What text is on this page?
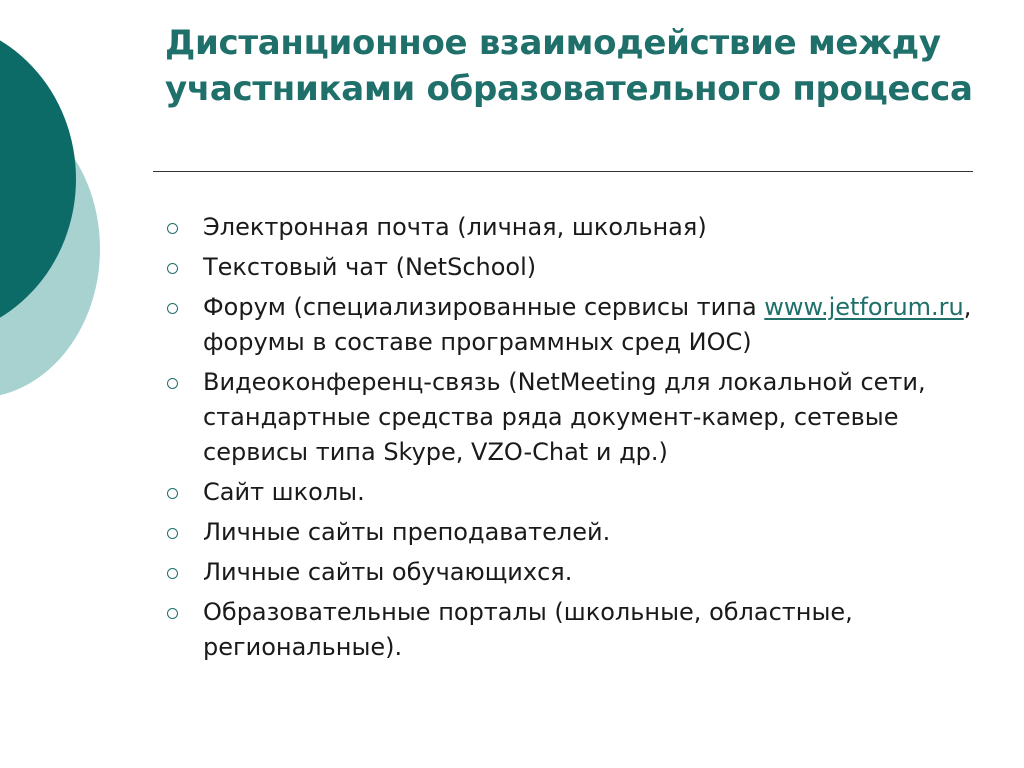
Дистанционное взаимодействие между участниками образовательного процесса
Электронная почта (личная, школьная)
Текстовый чат (NetSchool)
Форум (специализированные сервисы типа www.jetforum.ru, форумы в составе программных сред ИОС)
Видеоконференц-связь (NetMeeting для локальной сети, стандартные средства ряда документ-камер, сетевые сервисы типа Skype, VZO-Chat и др.)
Сайт школы.
Личные сайты преподавателей.
Личные сайты обучающихся.
Образовательные порталы (школьные, областные, региональные).
